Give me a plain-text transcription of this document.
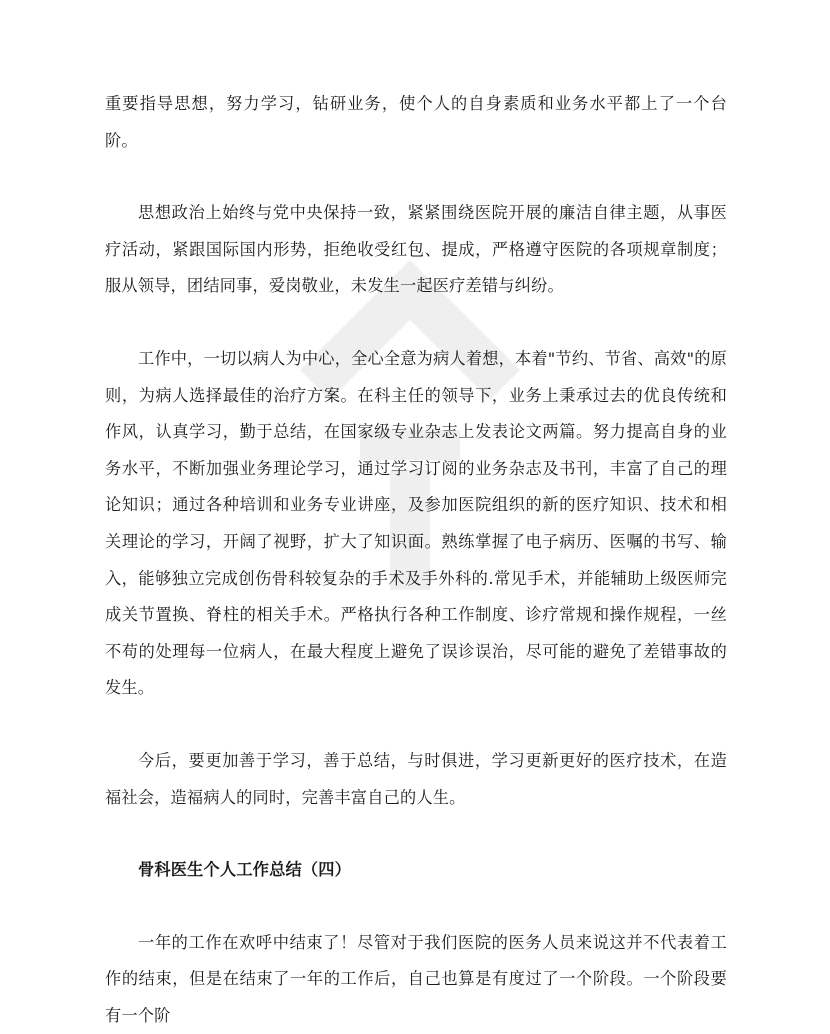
重要指导思想，努力学习，钻研业务，使个人的自身素质和业务水平都上了一个台阶。

思想政治上始终与党中央保持一致，紧紧围绕医院开展的廉洁自律主题，从事医疗活动，紧跟国际国内形势，拒绝收受红包、提成，严格遵守医院的各项规章制度；服从领导，团结同事，爱岗敬业，未发生一起医疗差错与纠纷。

工作中，一切以病人为中心，全心全意为病人着想，本着"节约、节省、高效"的原则，为病人选择最佳的治疗方案。在科主任的领导下，业务上秉承过去的优良传统和作风，认真学习，勤于总结，在国家级专业杂志上发表论文两篇。努力提高自身的业务水平，不断加强业务理论学习，通过学习订阅的业务杂志及书刊，丰富了自己的理论知识；通过各种培训和业务专业讲座，及参加医院组织的新的医疗知识、技术和相关理论的学习，开阔了视野，扩大了知识面。熟练掌握了电子病历、医嘱的书写、输入，能够独立完成创伤骨科较复杂的手术及手外科的.常见手术，并能辅助上级医师完成关节置换、脊柱的相关手术。严格执行各种工作制度、诊疗常规和操作规程，一丝不苟的处理每一位病人，在最大程度上避免了误诊误治，尽可能的避免了差错事故的发生。

今后，要更加善于学习，善于总结，与时俱进，学习更新更好的医疗技术，在造福社会，造福病人的同时，完善丰富自己的人生。

骨科医生个人工作总结（四）

一年的工作在欢呼中结束了！尽管对于我们医院的医务人员来说这并不代表着工作的结束，但是在结束了一年的工作后，自己也算是有度过了一个阶段。一个阶段要有一个阶
